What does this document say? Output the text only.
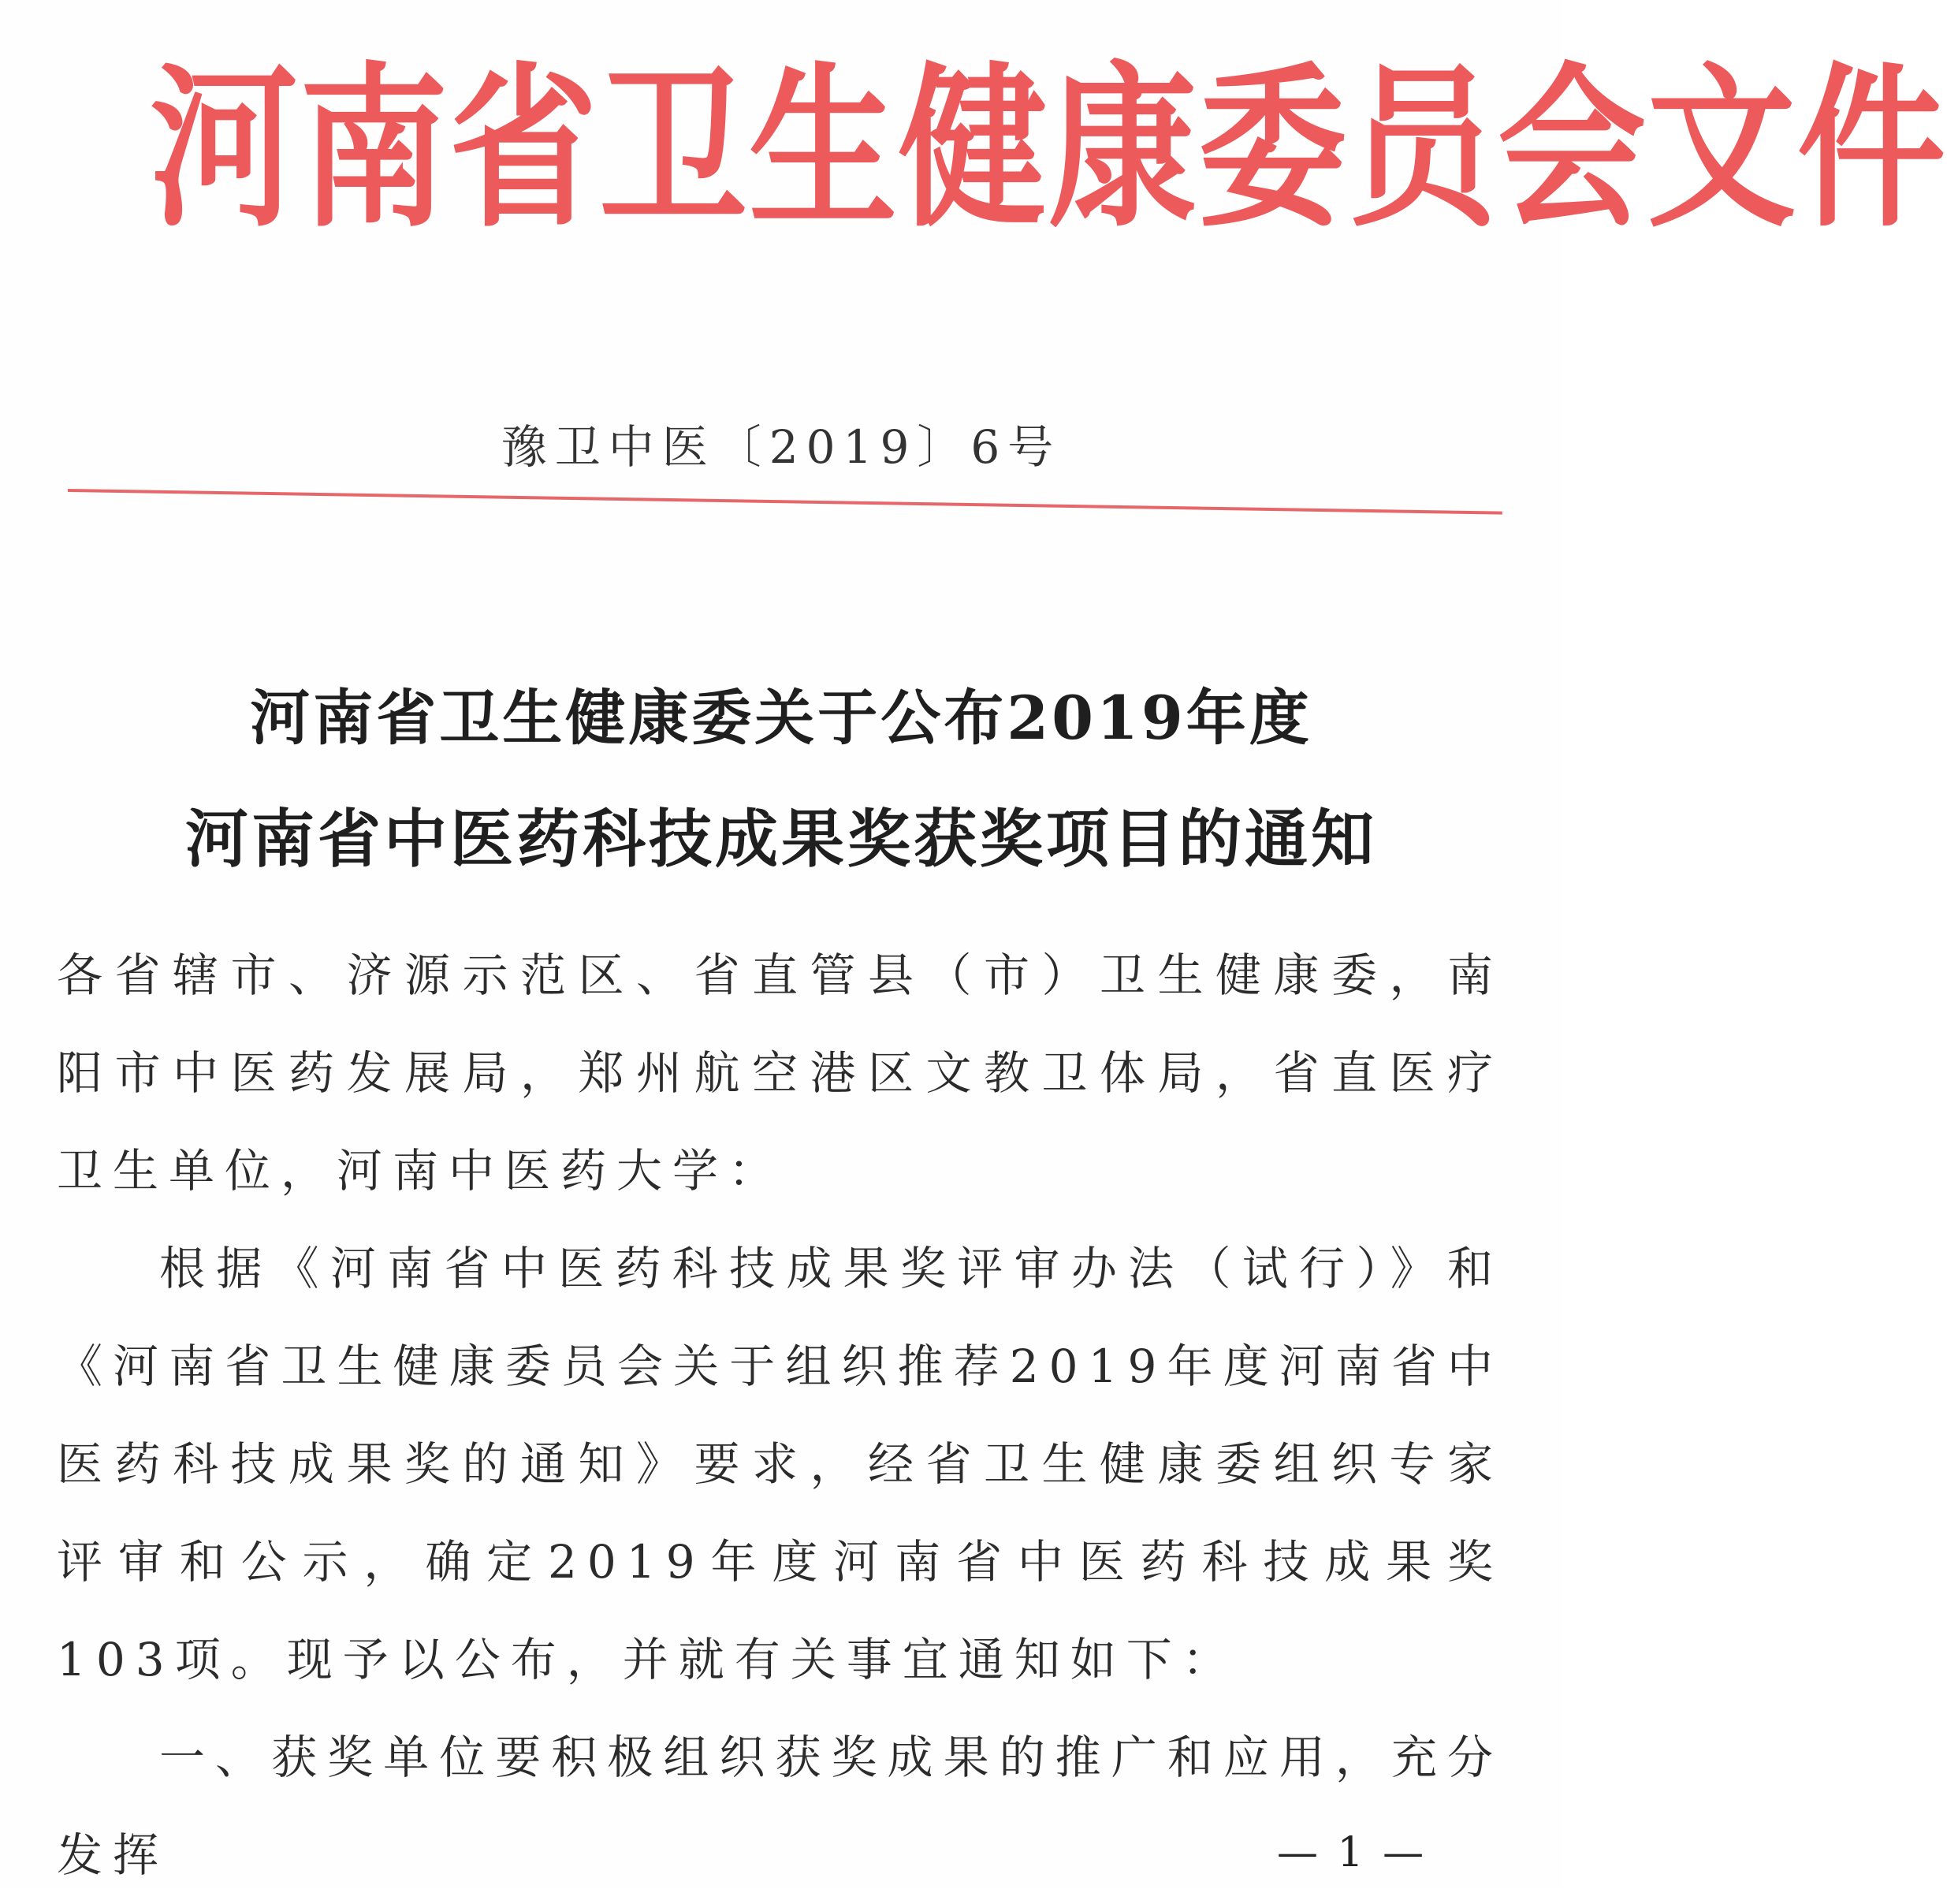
河 南 省 卫 生 健 康 委 员 会 文 件
豫卫中医〔2019〕6号
河南省卫生健康委关于公布2019年度
河南省中医药科技成果奖获奖项目的通知

各省辖市、济源示范区、省直管县（市）卫生健康委，南阳市中医药发展局，郑州航空港区文教卫体局，省直医疗卫生单位，河南中医药大学：

根据《河南省中医药科技成果奖评审办法（试行）》和《河南省卫生健康委员会关于组织推荐2019年度河南省中医药科技成果奖的通知》要求，经省卫生健康委组织专家评审和公示，确定2019年度河南省中医药科技成果奖103项。现予以公布，并就有关事宜通知如下：

一、获奖单位要积极组织获奖成果的推广和应用，充分发挥	— 1 —
